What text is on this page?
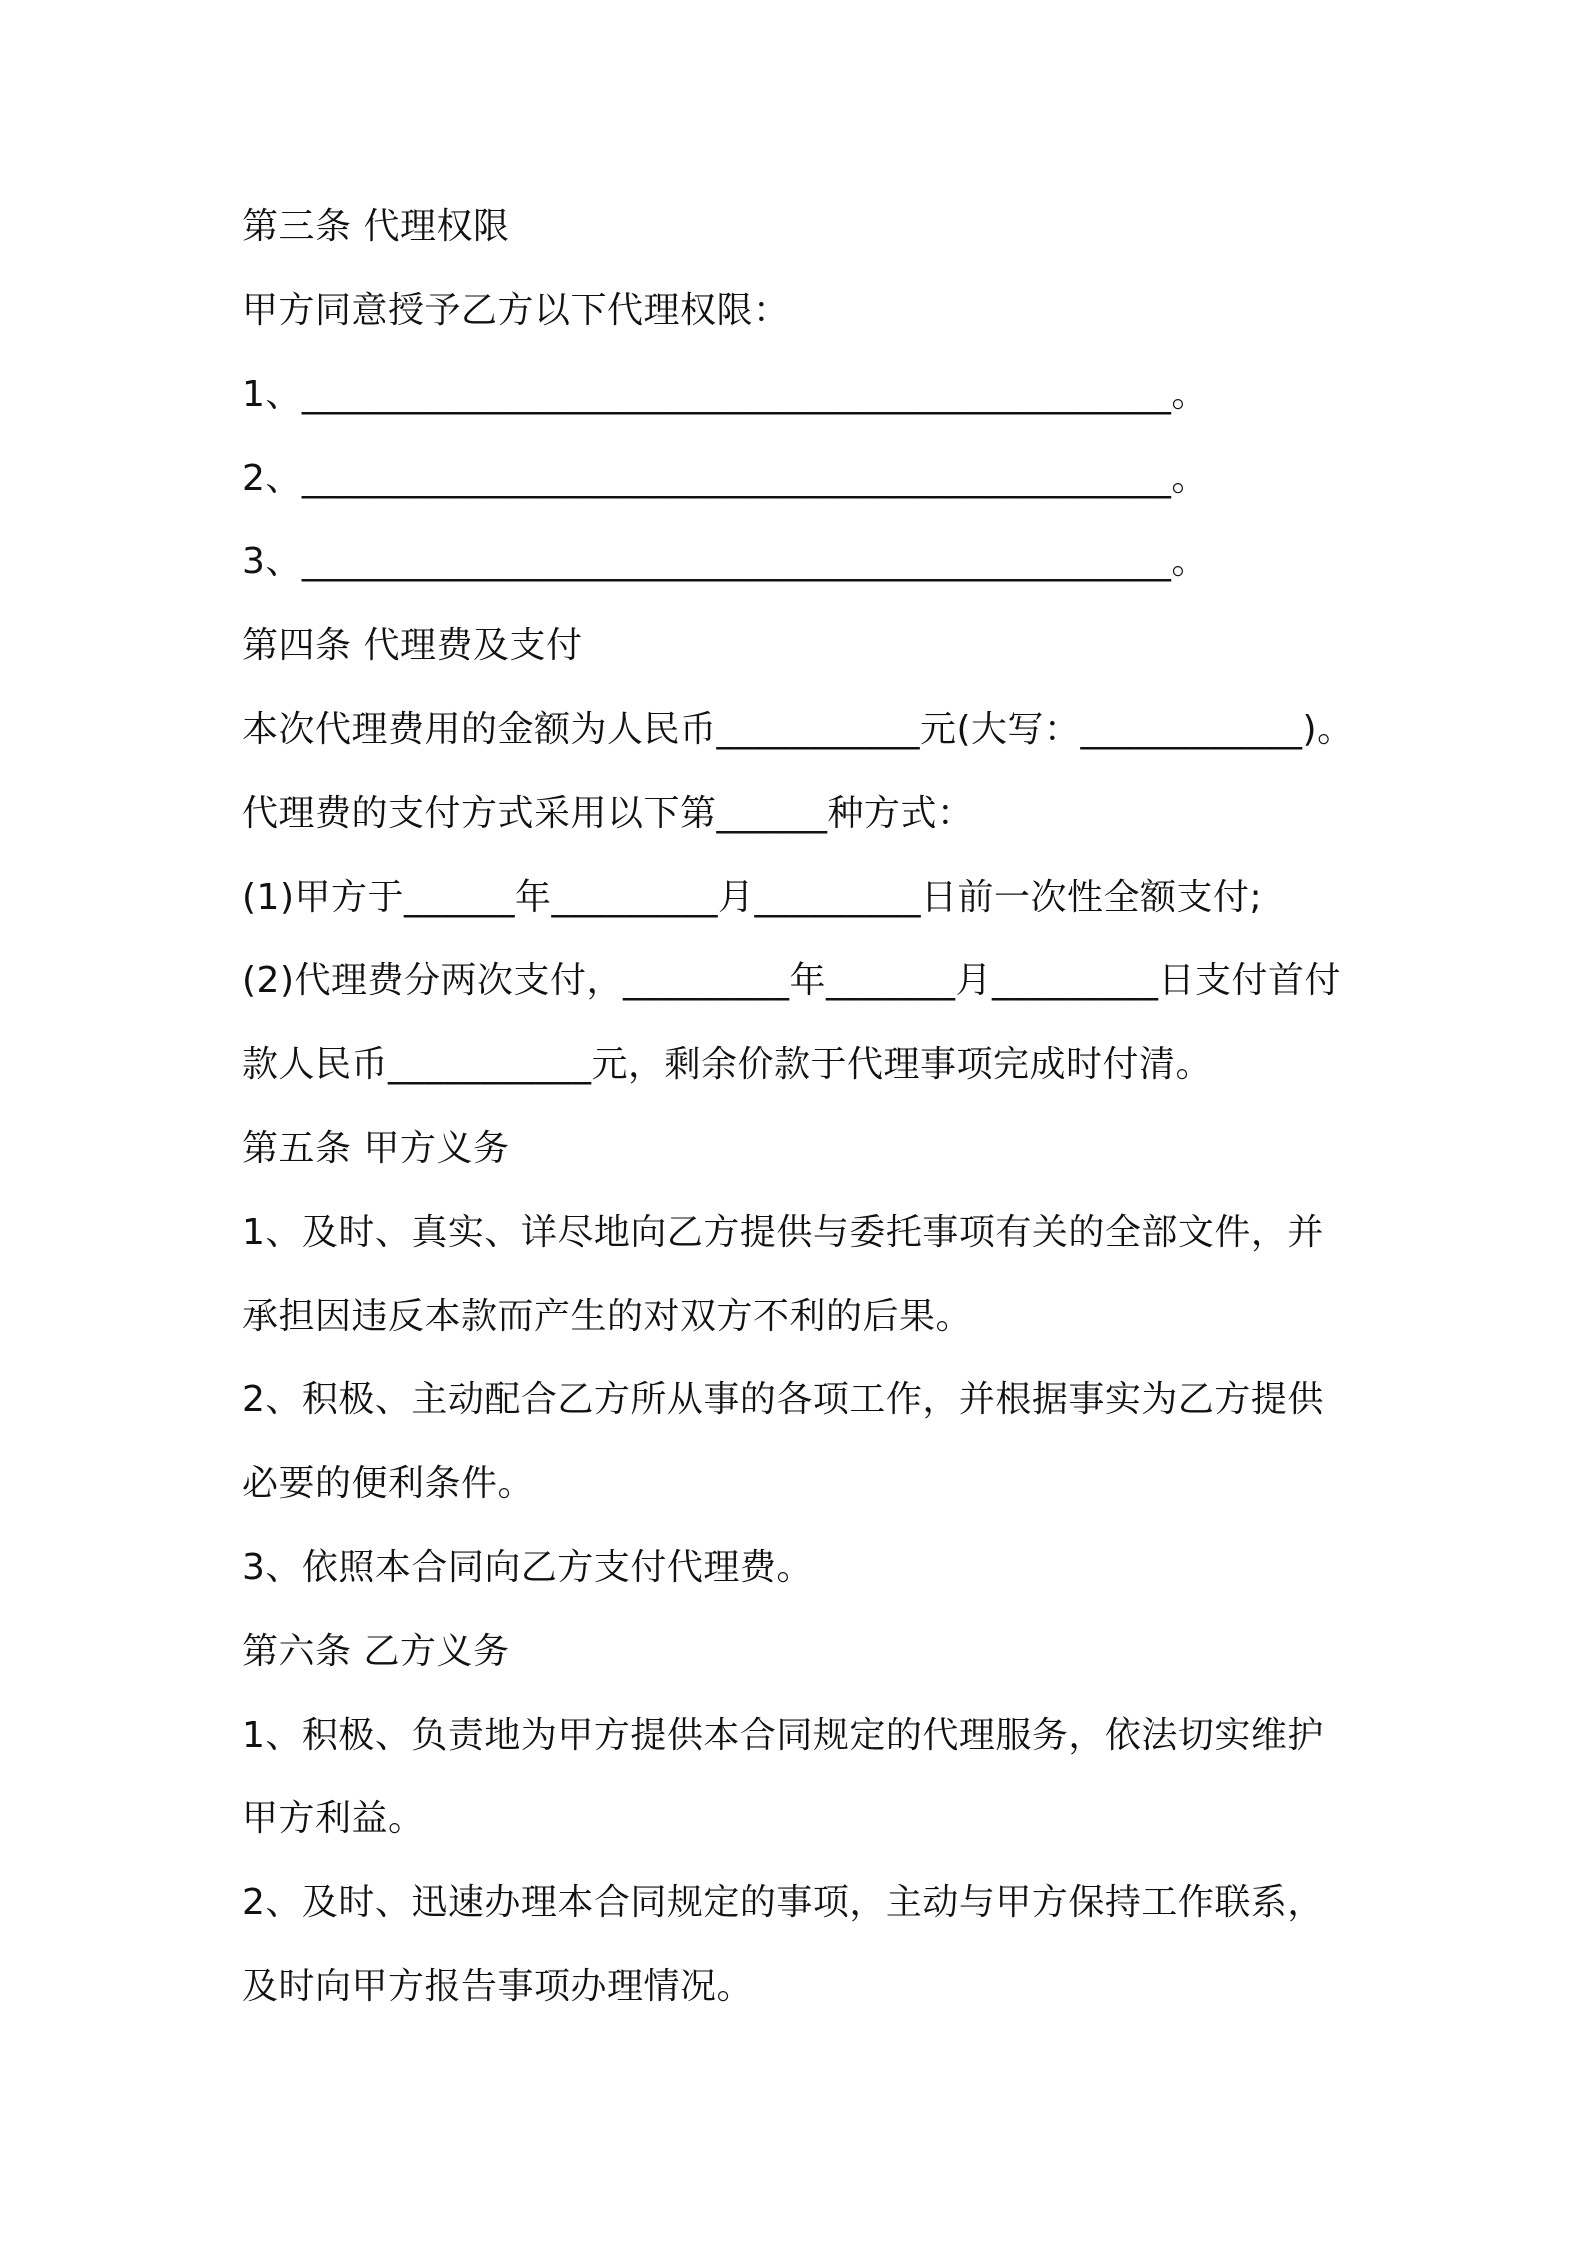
第三条 代理权限
甲方同意授予乙方以下代理权限：
1、_______________________________________________。
2、_______________________________________________。
3、_______________________________________________。
第四条 代理费及支付
本次代理费用的金额为人民币___________元(大写：____________)。
代理费的支付方式采用以下第______种方式：
(1)甲方于______年_________月_________日前一次性全额支付;
(2)代理费分两次支付，_________年_______月_________日支付首付
款人民币___________元，剩余价款于代理事项完成时付清。
第五条 甲方义务
1、及时、真实、详尽地向乙方提供与委托事项有关的全部文件，并
承担因违反本款而产生的对双方不利的后果。
2、积极、主动配合乙方所从事的各项工作，并根据事实为乙方提供
必要的便利条件。
3、依照本合同向乙方支付代理费。
第六条 乙方义务
1、积极、负责地为甲方提供本合同规定的代理服务，依法切实维护
甲方利益。
2、及时、迅速办理本合同规定的事项，主动与甲方保持工作联系，
及时向甲方报告事项办理情况。
